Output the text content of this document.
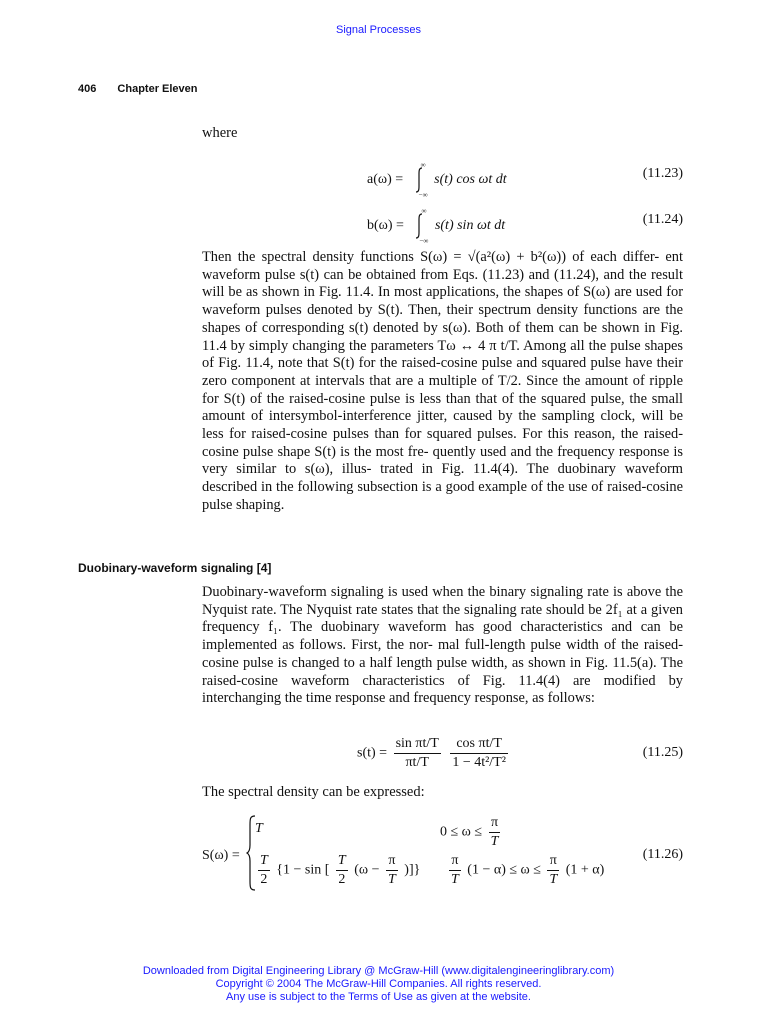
Signal Processes
406 Chapter Eleven
where
a(ω) =
∞
−∞
s(t) cos ωt dt	(11.23)
b(ω) =
∞
−∞
s(t) sin ωt dt	(11.24)
Then the spectral density functions S(ω) = √(a²(ω) + b²(ω)) of each differ- ent waveform pulse s(t) can be obtained from Eqs. (11.23) and (11.24), and the result will be as shown in Fig. 11.4. In most applications, the shapes of S(ω) are used for waveform pulses denoted by S(t). Then, their spectrum density functions are the shapes of corresponding s(t) denoted by s(ω). Both of them can be shown in Fig. 11.4 by simply changing the parameters Tω ↔ 4 π t/T. Among all the pulse shapes of Fig. 11.4, note that S(t) for the raised-cosine pulse and squared pulse have their zero component at intervals that are a multiple of T/2. Since the amount of ripple for S(t) of the raised-cosine pulse is less than that of the squared pulse, the small amount of intersymbol-interference jitter, caused by the sampling clock, will be less for raised-cosine pulses than for squared pulses. For this reason, the raised-cosine pulse shape S(t) is the most fre- quently used and the frequency response is very similar to s(ω), illus- trated in Fig. 11.4(4). The duobinary waveform described in the following subsection is a good example of the use of raised-cosine pulse shaping.
Duobinary-waveform signaling [4]
Duobinary-waveform signaling is used when the binary signaling rate is above the Nyquist rate. The Nyquist rate states that the signaling rate should be 2f₁ at a given frequency f₁. The duobinary waveform has good characteristics and can be implemented as follows. First, the nor- mal full-length pulse width of the raised-cosine pulse is changed to a half length pulse width, as shown in Fig. 11.5(a). The raised-cosine waveform characteristics of Fig. 11.4(4) are modified by interchanging the time response and frequency response, as follows:
$s(t) = \frac{\text{sin πt/T}}{\pi t/T}$
$\frac{\text{cos πt/T}}{\text{1 − 4t²/T²}}$	(11.25)
The spectral density can be expressed:
S(ω) =
T	$0 \le \omega \le \frac{\pi}{T}$
$\frac{T}{2} \{1 - \sin$ [ $\frac{T}{2} (\omega - \frac{\pi}{T}$ )]} $\frac{\pi}{T} (1 - \alpha) \le \omega \le \frac{\pi}{T} (1 + \alpha)$
(11.26)
Downloaded from Digital Engineering Library @ McGraw-Hill (www.digitalengineeringlibrary.com)
Copyright © 2004 The McGraw-Hill Companies. All rights reserved.
Any use is subject to the Terms of Use as given at the website.
